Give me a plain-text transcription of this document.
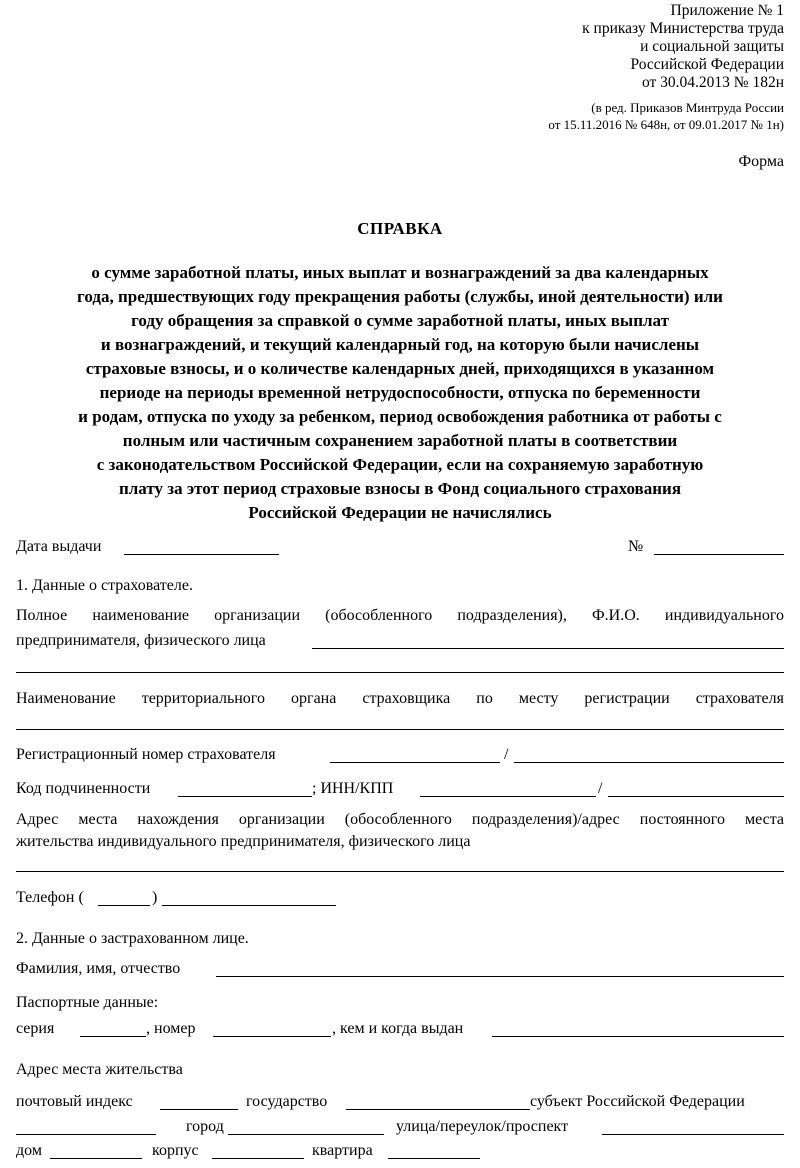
Приложение № 1
к приказу Министерства труда
и социальной защиты
Российской Федерации
от 30.04.2013 № 182н
(в ред. Приказов Минтруда России
от 15.11.2016 № 648н, от 09.01.2017 № 1н)
Форма
СПРАВКА
о сумме заработной платы, иных выплат и вознаграждений за два календарных
года, предшествующих году прекращения работы (службы, иной деятельности) или
году обращения за справкой о сумме заработной платы, иных выплат
и вознаграждений, и текущий календарный год, на которую были начислены
страховые взносы, и о количестве календарных дней, приходящихся в указанном
периоде на периоды временной нетрудоспособности, отпуска по беременности
и родам, отпуска по уходу за ребенком, период освобождения работника от работы с
полным или частичным сохранением заработной платы в соответствии
с законодательством Российской Федерации, если на сохраняемую заработную
плату за этот период страховые взносы в Фонд социального страхования
Российской Федерации не начислялись
Дата выдачи	№
1. Данные о страхователе.
Полное наименование организации (обособленного подразделения), Ф.И.О. индивидуального
предпринимателя, физического лица
Наименование территориального органа страховщика по месту регистрации страхователя
Регистрационный номер страхователя	/
Код подчиненности	; ИНН/КПП	/
Адрес места нахождения организации (обособленного подразделения)/адрес постоянного места
жительства индивидуального предпринимателя, физического лица
Телефон (	)
2. Данные о застрахованном лице.
Фамилия, имя, отчество
Паспортные данные:
серия	, номер	, кем и когда выдан
Адрес места жительства
почтовый индекс	государство	субъект Российской Федерации
город	улица/переулок/проспект
дом	корпус	квартира
